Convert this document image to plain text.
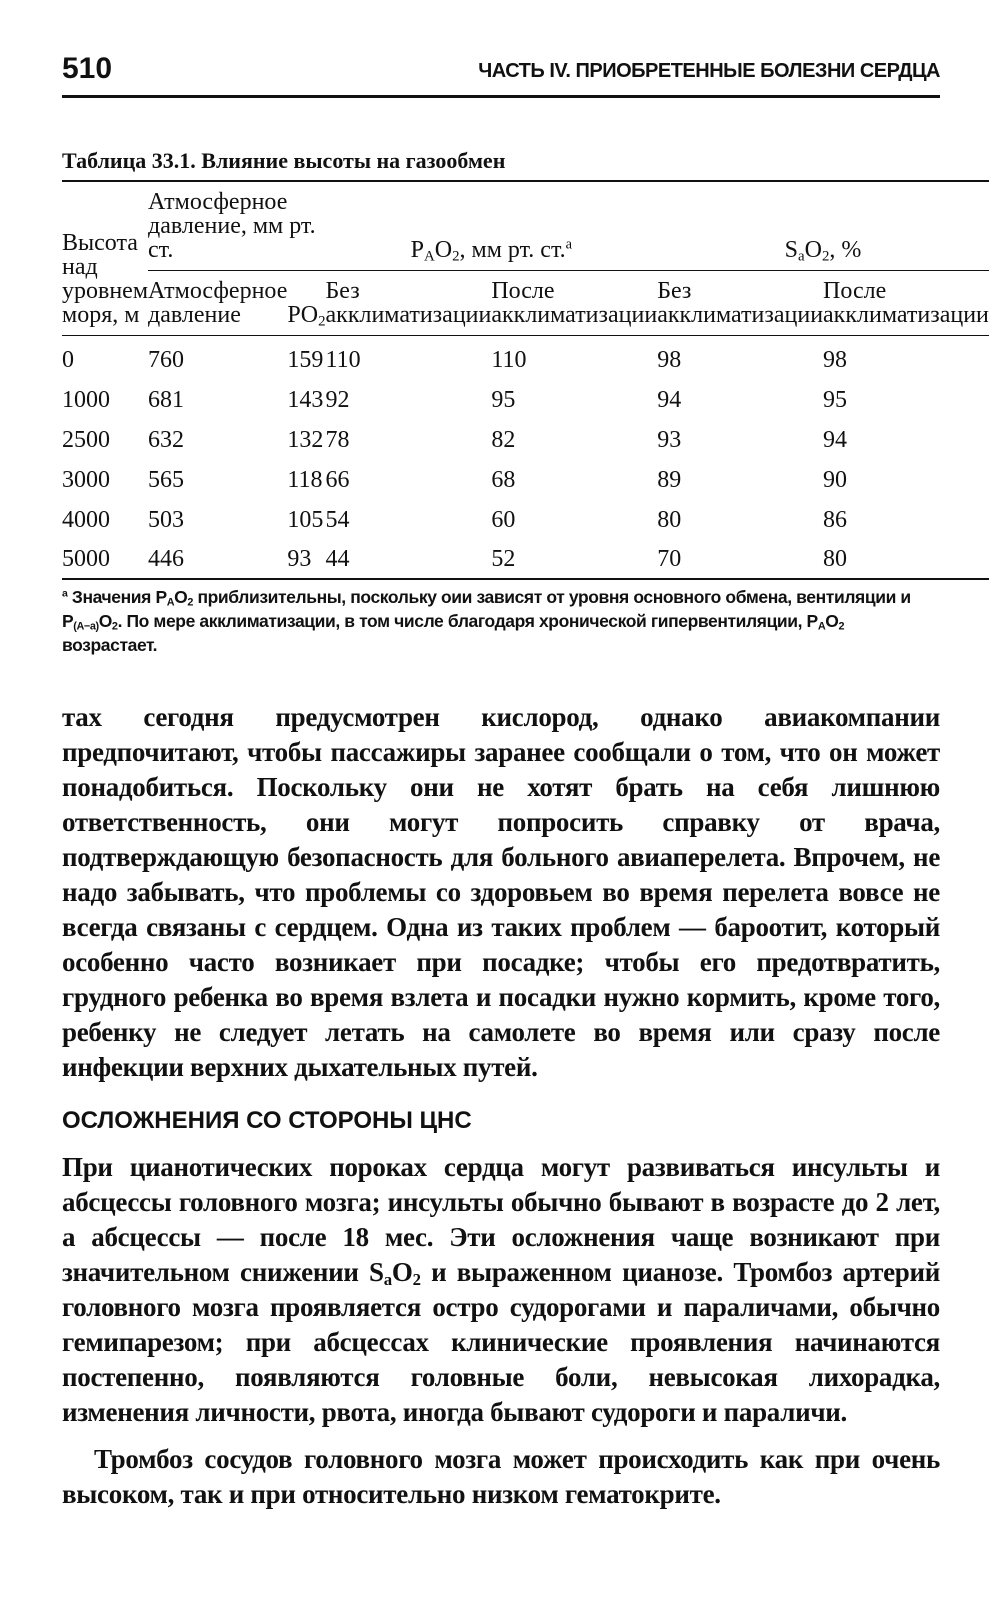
510	ЧАСТЬ IV. ПРИОБРЕТЕННЫЕ БОЛЕЗНИ СЕРДЦА
Таблица 33.1. Влияние высоты на газообмен
Высота над уровнем моря, м	Атмосферное давление, мм рт. ст.		$P_AO_2$, мм рт. ст.$^a$		$S_aO_2$, %	
	Атмосферное давление	$PO_2$	Без акклиматизации	После акклиматизации	Без акклиматизации	После акклиматизации
0	760	159	110	110	98	98
1000	681	143	92	95	94	95
2500	632	132	78	82	93	94
3000	565	118	66	68	89	90
4000	503	105	54	60	80	86
5000	446	93	44	52	70	80
$^a$ Значения $P_AO_2$ приблизительны, поскольку оии зависят от уровня основного обмена, вентиляции и $P_{(A-a)}O_2$. По мере акклиматизации, в том числе благодаря хронической гипервентиляции, $P_AO_2$ возрастает.

тах сегодня предусмотрен кислород, однако авиакомпании предпочитают, чтобы пассажиры заранее сообщали о том, что он может понадобиться. Поскольку они не хотят брать на себя лишнюю ответственность, они могут попросить справку от врача, подтверждающую безопасность для больного авиаперелета. Впрочем, не надо забывать, что проблемы со здоровьем во время перелета вовсе не всегда связаны с сердцем. Одна из таких проблем — бароотит, который особенно часто возникает при посадке; чтобы его предотвратить, грудного ребенка во время взлета и посадки нужно кормить, кроме того, ребенку не следует летать на самолете во время или сразу после инфекции верхних дыхательных путей.

ОСЛОЖНЕНИЯ СО СТОРОНЫ ЦНС

При цианотических пороках сердца могут развиваться инсульты и абсцессы головного мозга; инсульты обычно бывают в возрасте до 2 лет, а абсцессы — после 18 мес. Эти осложнения чаще возникают при значительном снижении $S_aO_2$ и выраженном цианозе. Тромбоз артерий головного мозга проявляется остро судорогами и параличами, обычно гемипарезом; при абсцессах клинические проявления начинаются постепенно, появляются головные боли, невысокая лихорадка, изменения личности, рвота, иногда бывают судороги и параличи.

Тромбоз сосудов головного мозга может происходить как при очень высоком, так и при относительно низком гематокрите.
